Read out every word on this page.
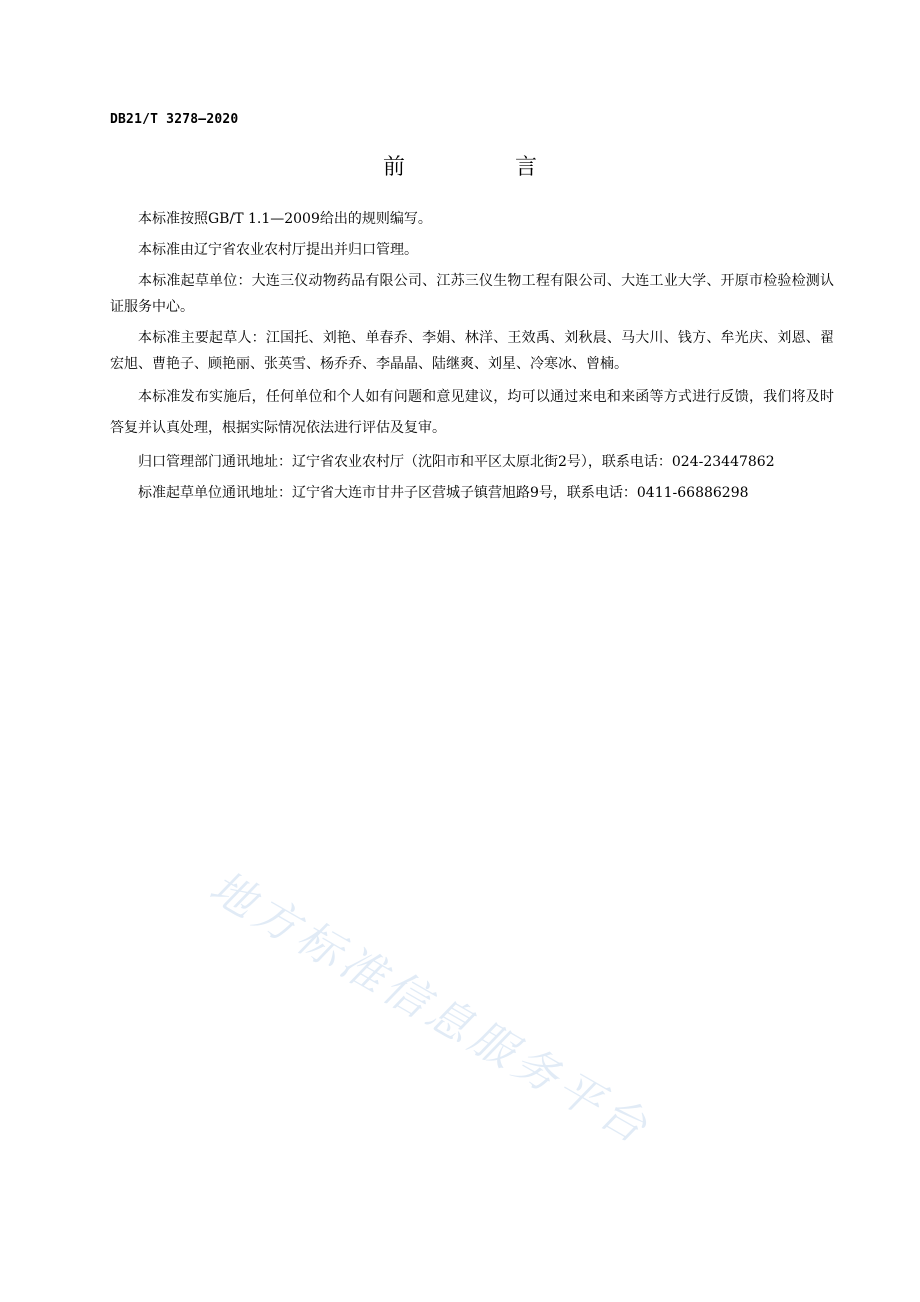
DB21/T 3278—2020
前　言

本标准按照GB/T 1.1—2009给出的规则编写。

本标准由辽宁省农业农村厅提出并归口管理。

本标准起草单位：大连三仪动物药品有限公司、江苏三仪生物工程有限公司、大连工业大学、开原市检验检测认证服务中心。

本标准主要起草人：江国托、刘艳、单春乔、李娟、林洋、王效禹、刘秋晨、马大川、钱方、牟光庆、刘恩、翟宏旭、曹艳子、顾艳丽、张英雪、杨乔乔、李晶晶、陆继爽、刘星、冷寒冰、曾楠。

本标准发布实施后，任何单位和个人如有问题和意见建议，均可以通过来电和来函等方式进行反馈，我们将及时答复并认真处理，根据实际情况依法进行评估及复审。

归口管理部门通讯地址：辽宁省农业农村厅（沈阳市和平区太原北街2号），联系电话：024-23447862

标准起草单位通讯地址：辽宁省大连市甘井子区营城子镇营旭路9号，联系电话：0411-66886298

地方标准信息服务平台
